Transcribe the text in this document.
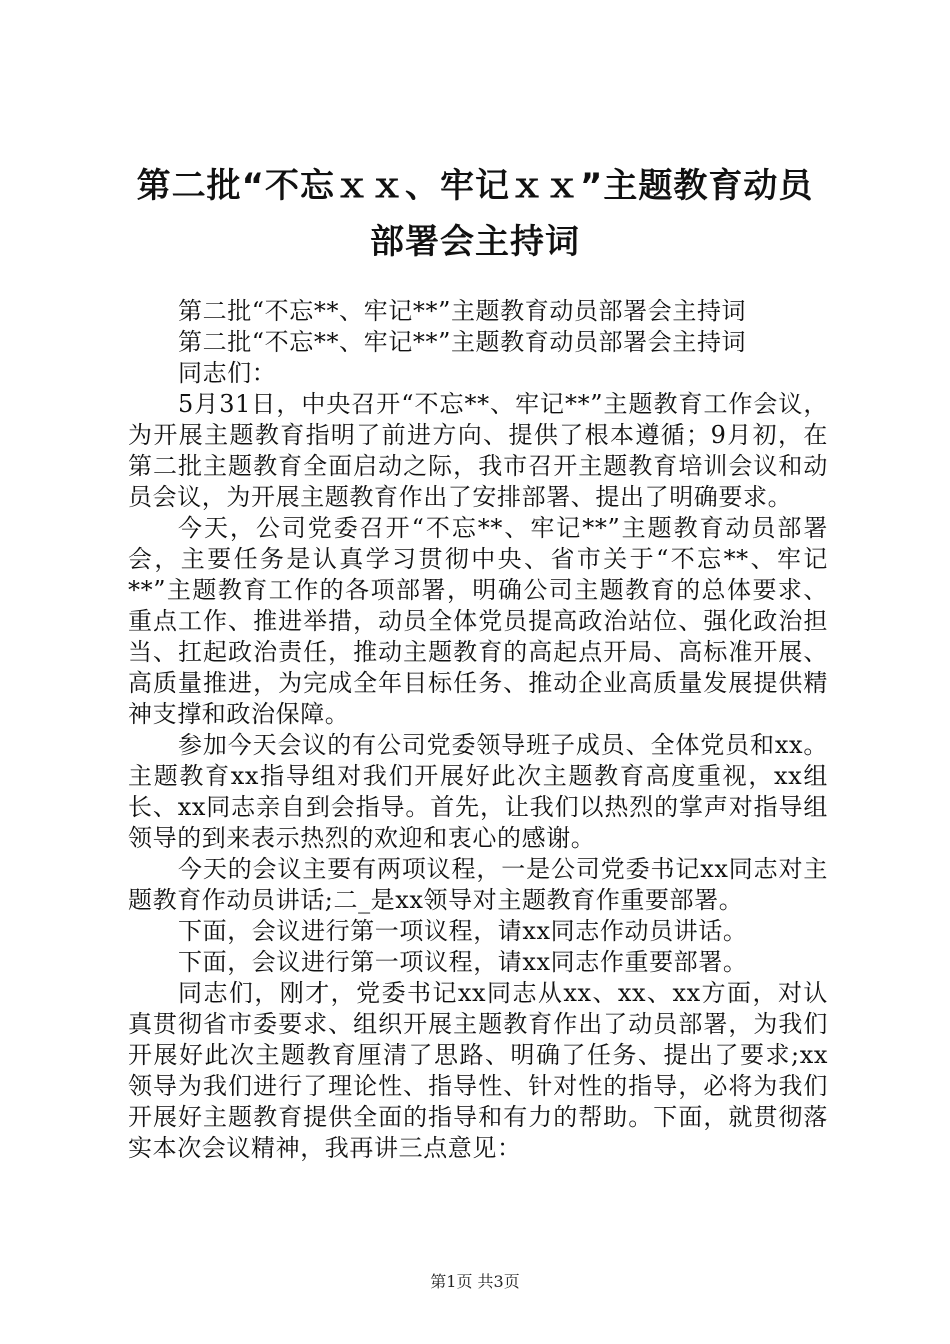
第二批“不忘ｘｘ、牢记ｘｘ”主题教育动员
部署会主持词

第二批“不忘**、牢记**”主题教育动员部署会主持词

第二批“不忘**、牢记**”主题教育动员部署会主持词

同志们：

5月31日，中央召开“不忘**、牢记**”主题教育工作会议，为开展主题教育指明了前进方向、提供了根本遵循；9月初，在第二批主题教育全面启动之际，我市召开主题教育培训会议和动员会议，为开展主题教育作出了安排部署、提出了明确要求。

今天，公司党委召开“不忘**、牢记**”主题教育动员部署会，主要任务是认真学习贯彻中央、省市关于“不忘**、牢记**”主题教育工作的各项部署，明确公司主题教育的总体要求、重点工作、推进举措，动员全体党员提高政治站位、强化政治担当、扛起政治责任，推动主题教育的高起点开局、高标准开展、高质量推进，为完成全年目标任务、推动企业高质量发展提供精神支撑和政治保障。

参加今天会议的有公司党委领导班子成员、全体党员和xx。主题教育xx指导组对我们开展好此次主题教育高度重视，xx组长、xx同志亲自到会指导。首先，让我们以热烈的掌声对指导组领导的到来表示热烈的欢迎和衷心的感谢。

今天的会议主要有两项议程，一是公司党委书记xx同志对主题教育作动员讲话;二_是xx领导对主题教育作重要部署。

下面，会议进行第一项议程，请xx同志作动员讲话。

下面，会议进行第一项议程，请xx同志作重要部署。

同志们，刚才，党委书记xx同志从xx、xx、xx方面，对认真贯彻省市委要求、组织开展主题教育作出了动员部署，为我们开展好此次主题教育厘清了思路、明确了任务、提出了要求;xx领导为我们进行了理论性、指导性、针对性的指导，必将为我们开展好主题教育提供全面的指导和有力的帮助。下面，就贯彻落实本次会议精神，我再讲三点意见：

第1页 共3页
